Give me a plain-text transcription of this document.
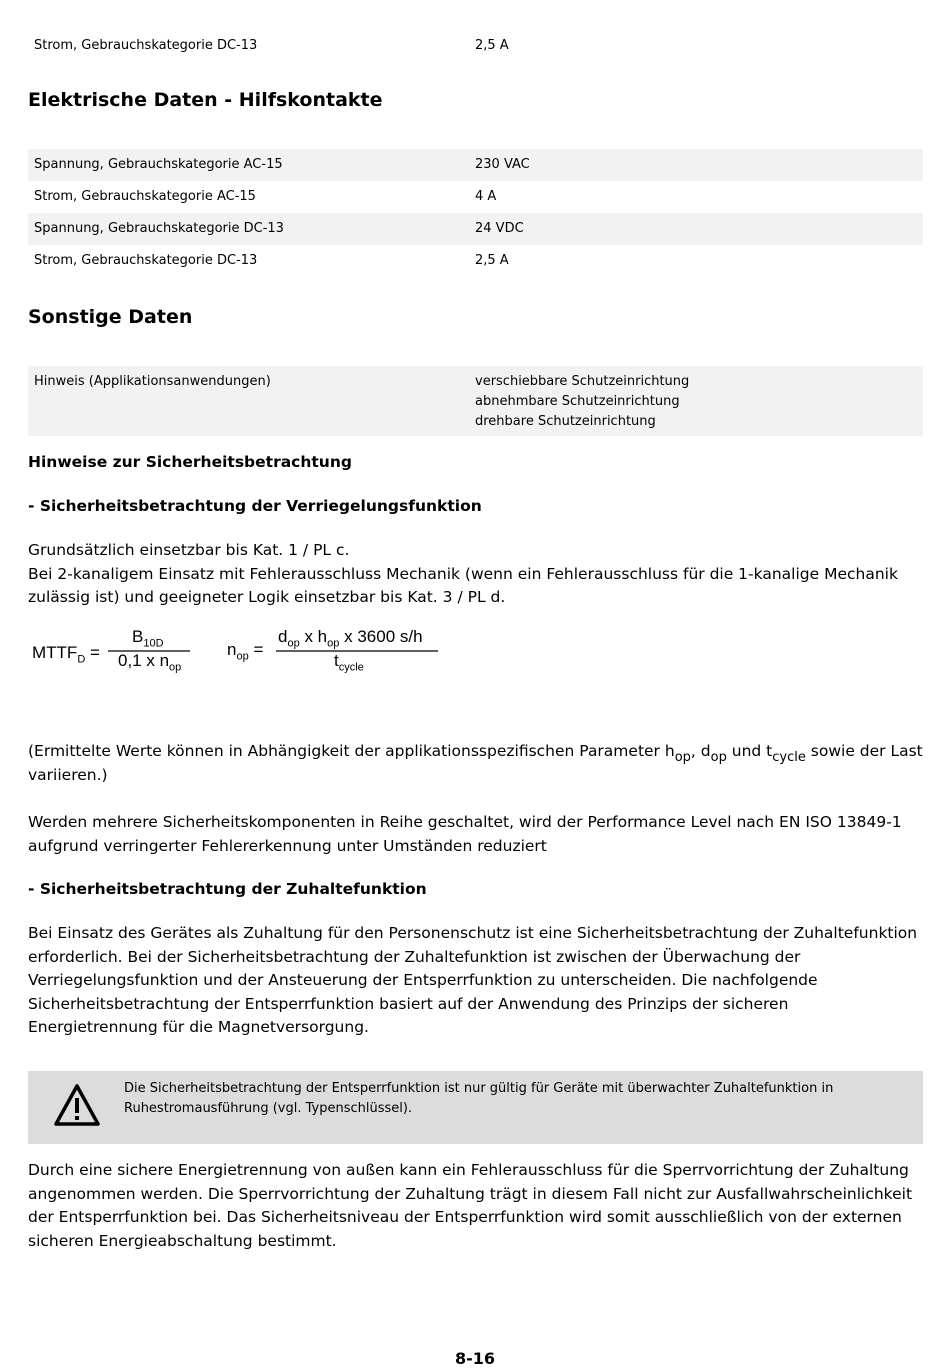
Strom, Gebrauchskategorie DC-13	2,5 A
Elektrische Daten - Hilfskontakte
Spannung, Gebrauchskategorie AC-15	230 VAC
Strom, Gebrauchskategorie AC-15	4 A
Spannung, Gebrauchskategorie DC-13	24 VDC
Strom, Gebrauchskategorie DC-13	2,5 A
Sonstige Daten
Hinweis (Applikationsanwendungen)	verschiebbare Schutzeinrichtung
abnehmbare Schutzeinrichtung
drehbare Schutzeinrichtung
Hinweise zur Sicherheitsbetrachtung
- Sicherheitsbetrachtung der Verriegelungsfunktion
Grundsätzlich einsetzbar bis Kat. 1 / PL c.
Bei 2-kanaligem Einsatz mit Fehlerausschluss Mechanik (wenn ein Fehlerausschluss für die 1-kanalige Mechanik zulässig ist) und geeigneter Logik einsetzbar bis Kat. 3 / PL d.
$MTTF_D$ =
$B_{10D}$
0,1 x $n_{op}$
$n_{op}$ =
$d_{op}$ x $h_{op}$ x 3600 s/h
$t_{cycle}$
(Ermittelte Werte können in Abhängigkeit der applikationsspezifischen Parameter $h_{op}$, $d_{op}$ und $t_{cycle}$ sowie der Last variieren.)
Werden mehrere Sicherheitskomponenten in Reihe geschaltet, wird der Performance Level nach EN ISO 13849-1 aufgrund verringerter Fehlererkennung unter Umständen reduziert
- Sicherheitsbetrachtung der Zuhaltefunktion
Bei Einsatz des Gerätes als Zuhaltung für den Personenschutz ist eine Sicherheitsbetrachtung der Zuhaltefunktion erforderlich. Bei der Sicherheitsbetrachtung der Zuhaltefunktion ist zwischen der Überwachung der Verriegelungsfunktion und der Ansteuerung der Entsperrfunktion zu unterscheiden. Die nachfolgende Sicherheitsbetrachtung der Entsperrfunktion basiert auf der Anwendung des Prinzips der sicheren Energietrennung für die Magnetversorgung.
Die Sicherheitsbetrachtung der Entsperrfunktion ist nur gültig für Geräte mit überwachter Zuhaltefunktion in Ruhestromausführung (vgl. Typenschlüssel).
Durch eine sichere Energietrennung von außen kann ein Fehlerausschluss für die Sperrvorrichtung der Zuhaltung angenommen werden. Die Sperrvorrichtung der Zuhaltung trägt in diesem Fall nicht zur Ausfallwahrscheinlichkeit der Entsperrfunktion bei. Das Sicherheitsniveau der Entsperrfunktion wird somit ausschließlich von der externen sicheren Energieabschaltung bestimmt.
8-16
